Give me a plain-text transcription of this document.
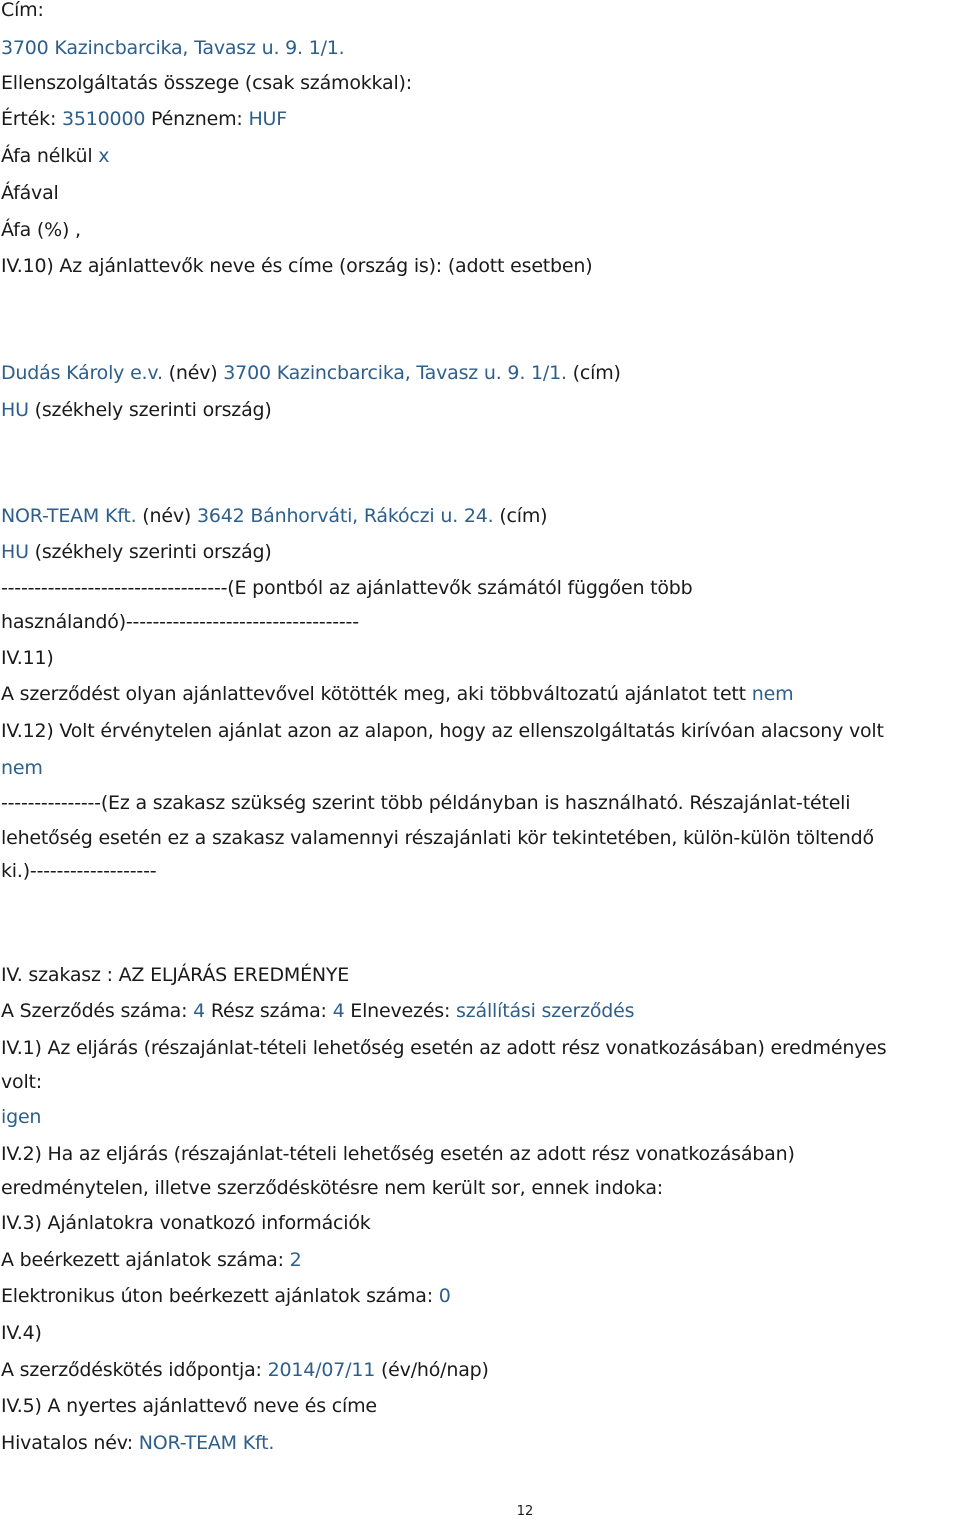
Cím:
3700 Kazincbarcika, Tavasz u. 9. 1/1.
Ellenszolgáltatás összege (csak számokkal):
Érték: 3510000 Pénznem: HUF
Áfa nélkül x
Áfával
Áfa (%) ,
IV.10) Az ajánlattevők neve és címe (ország is): (adott esetben)
Dudás Károly e.v. (név) 3700 Kazincbarcika, Tavasz u. 9. 1/1. (cím)
HU (székhely szerinti ország)
NOR-TEAM Kft. (név) 3642 Bánhorváti, Rákóczi u. 24. (cím)
HU (székhely szerinti ország)
----------------------------------(E pontból az ajánlattevők számától függően több
használandó)-----------------------------------
IV.11)
A szerződést olyan ajánlattevővel kötötték meg, aki többváltozatú ajánlatot tett nem
IV.12) Volt érvénytelen ajánlat azon az alapon, hogy az ellenszolgáltatás kirívóan alacsony volt
nem
---------------(Ez a szakasz szükség szerint több példányban is használható. Részajánlat-tételi
lehetőség esetén ez a szakasz valamennyi részajánlati kör tekintetében, külön-külön töltendő
ki.)-------------------
IV. szakasz : AZ ELJÁRÁS EREDMÉNYE
A Szerződés száma: 4 Rész száma: 4 Elnevezés: szállítási szerződés
IV.1) Az eljárás (részajánlat-tételi lehetőség esetén az adott rész vonatkozásában) eredményes
volt:
igen
IV.2) Ha az eljárás (részajánlat-tételi lehetőség esetén az adott rész vonatkozásában)
eredménytelen, illetve szerződéskötésre nem került sor, ennek indoka:
IV.3) Ajánlatokra vonatkozó információk
A beérkezett ajánlatok száma: 2
Elektronikus úton beérkezett ajánlatok száma: 0
IV.4)
A szerződéskötés időpontja: 2014/07/11 (év/hó/nap)
IV.5) A nyertes ajánlattevő neve és címe
Hivatalos név: NOR-TEAM Kft.
12
